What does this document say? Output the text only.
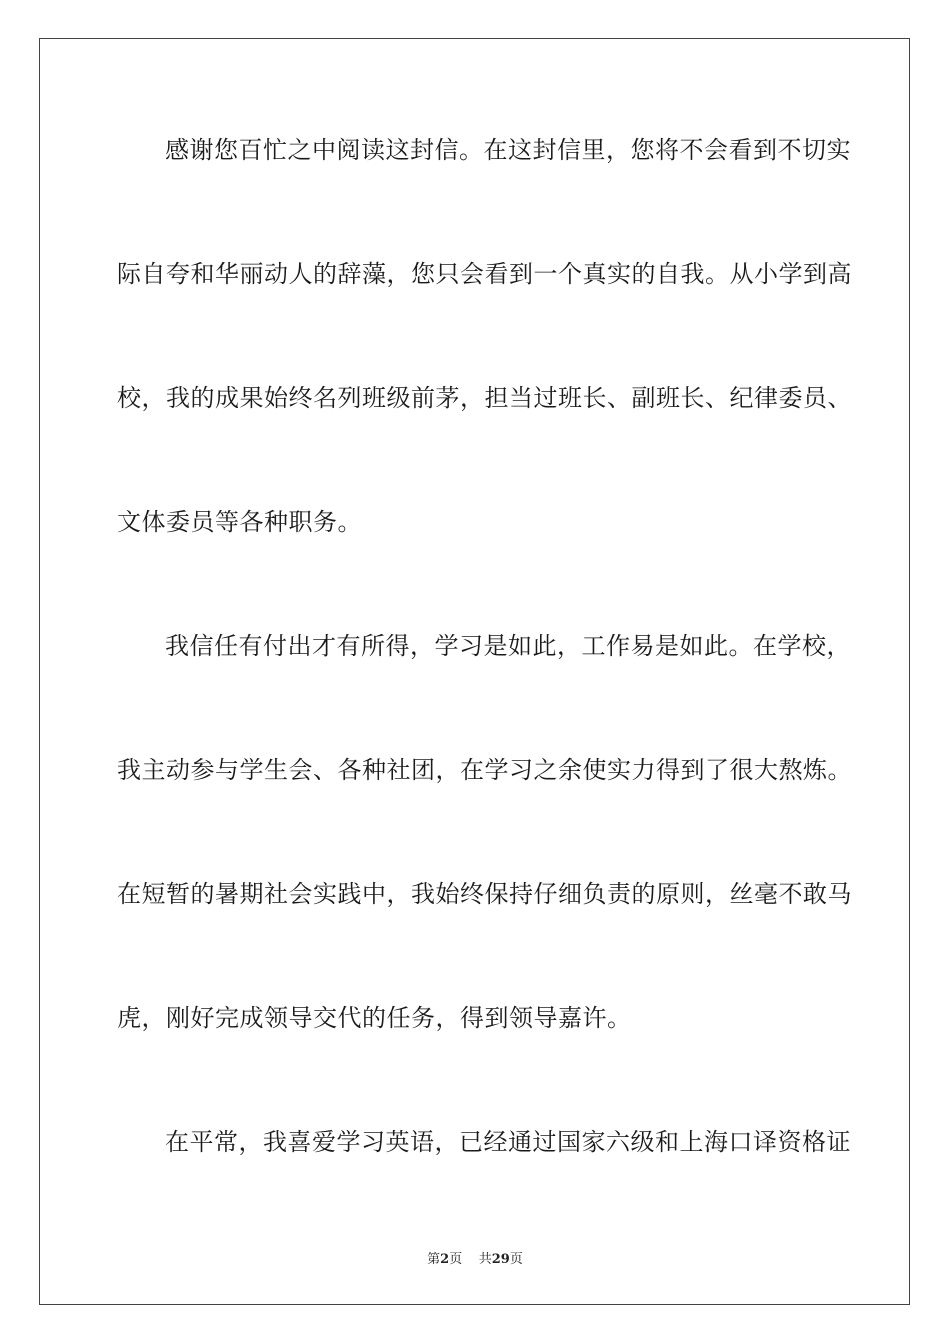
感谢您百忙之中阅读这封信。在这封信里，您将不会看到不切实
际自夸和华丽动人的辞藻，您只会看到一个真实的自我。从小学到高
校，我的成果始终名列班级前茅，担当过班长、副班长、纪律委员、
文体委员等各种职务。
我信任有付出才有所得，学习是如此，工作易是如此。在学校，
我主动参与学生会、各种社团，在学习之余使实力得到了很大熬炼。
在短暂的暑期社会实践中，我始终保持仔细负责的原则，丝毫不敢马
虎，刚好完成领导交代的任务，得到领导嘉许。
在平常，我喜爱学习英语，已经通过国家六级和上海口译资格证
第2页 共29页
